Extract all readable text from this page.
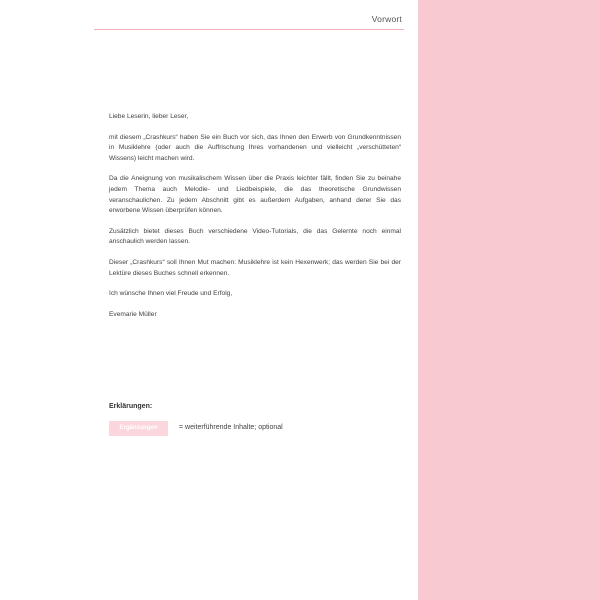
Vorwort

Liebe Leserin, lieber Leser,

mit diesem „Crashkurs“ haben Sie ein Buch vor sich, das Ihnen den Erwerb von Grundkenntnissen in Musiklehre (oder auch die Auffrischung Ihres vorhandenen und vielleicht „verschütteten“ Wissens) leicht machen wird.

Da die Aneignung von musikalischem Wissen über die Praxis leichter fällt, finden Sie zu beinahe jedem Thema auch Melodie- und Liedbeispiele, die das theoretische Grundwissen veranschaulichen. Zu jedem Abschnitt gibt es außerdem Aufgaben, anhand derer Sie das erworbene Wissen überprüfen können.

Zusätzlich bietet dieses Buch verschiedene Video-Tutorials, die das Gelernte noch einmal anschaulich werden lassen.

Dieser „Crashkurs“ soll Ihnen Mut machen: Musiklehre ist kein Hexenwerk; das werden Sie bei der Lektüre dieses Buches schnell erkennen.

Ich wünsche Ihnen viel Freude und Erfolg,

Evemarie Müller

Erklärungen:
Ergänzungen	= weiterführende Inhalte; optional
